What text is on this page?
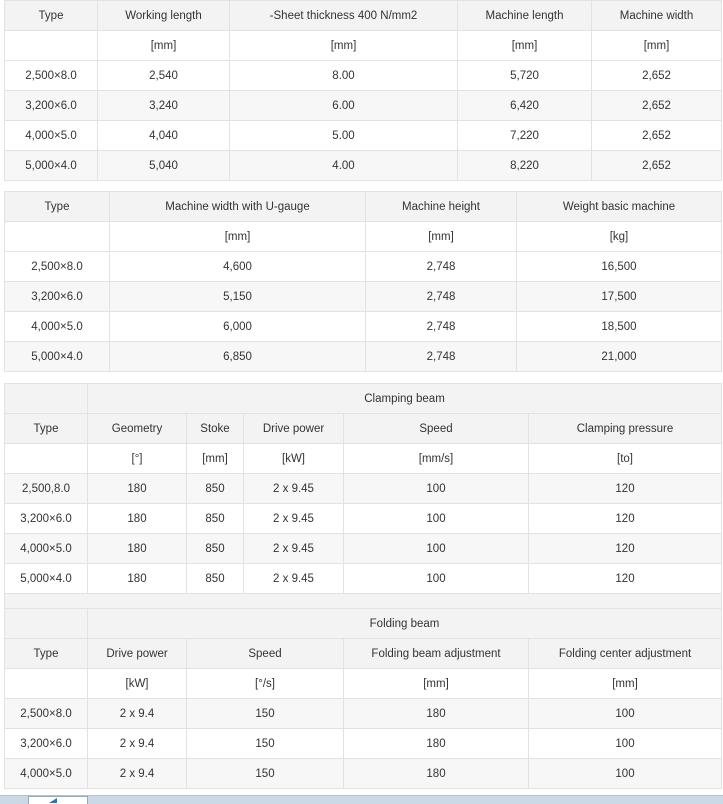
Type	Working length	-Sheet thickness 400 N/mm2	Machine length	Machine width
	[mm]	[mm]	[mm]	[mm]
2,500×8.0	2,540	8.00	5,720	2,652
3,200×6.0	3,240	6.00	6,420	2,652
4,000×5.0	4,040	5.00	7,220	2,652
5,000×4.0	5,040	4.00	8,220	2,652
Type	Machine width with U-gauge	Machine height	Weight basic machine
	[mm]	[mm]	[kg]
2,500×8.0	4,600	2,748	16,500
3,200×6.0	5,150	2,748	17,500
4,000×5.0	6,000	2,748	18,500
5,000×4.0	6,850	2,748	21,000
	Clamping beam				
Type	Geometry	Stoke	Drive power	Speed	Clamping pressure
	[°]	[mm]	[kW]	[mm/s]	[to]
2,500,8.0	180	850	2 x 9.45	100	120
3,200×6.0	180	850	2 x 9.45	100	120
4,000×5.0	180	850	2 x 9.45	100	120
5,000×4.0	180	850	2 x 9.45	100	120

	Folding beam				
Type	Drive power	Speed		Folding beam adjustment	Folding center adjustment
	[kW]	[°/s]		[mm]	[mm]
2,500×8.0	2 x 9.4	150		180	100
3,200×6.0	2 x 9.4	150		180	100
4,000×5.0	2 x 9.4	150		180	100
